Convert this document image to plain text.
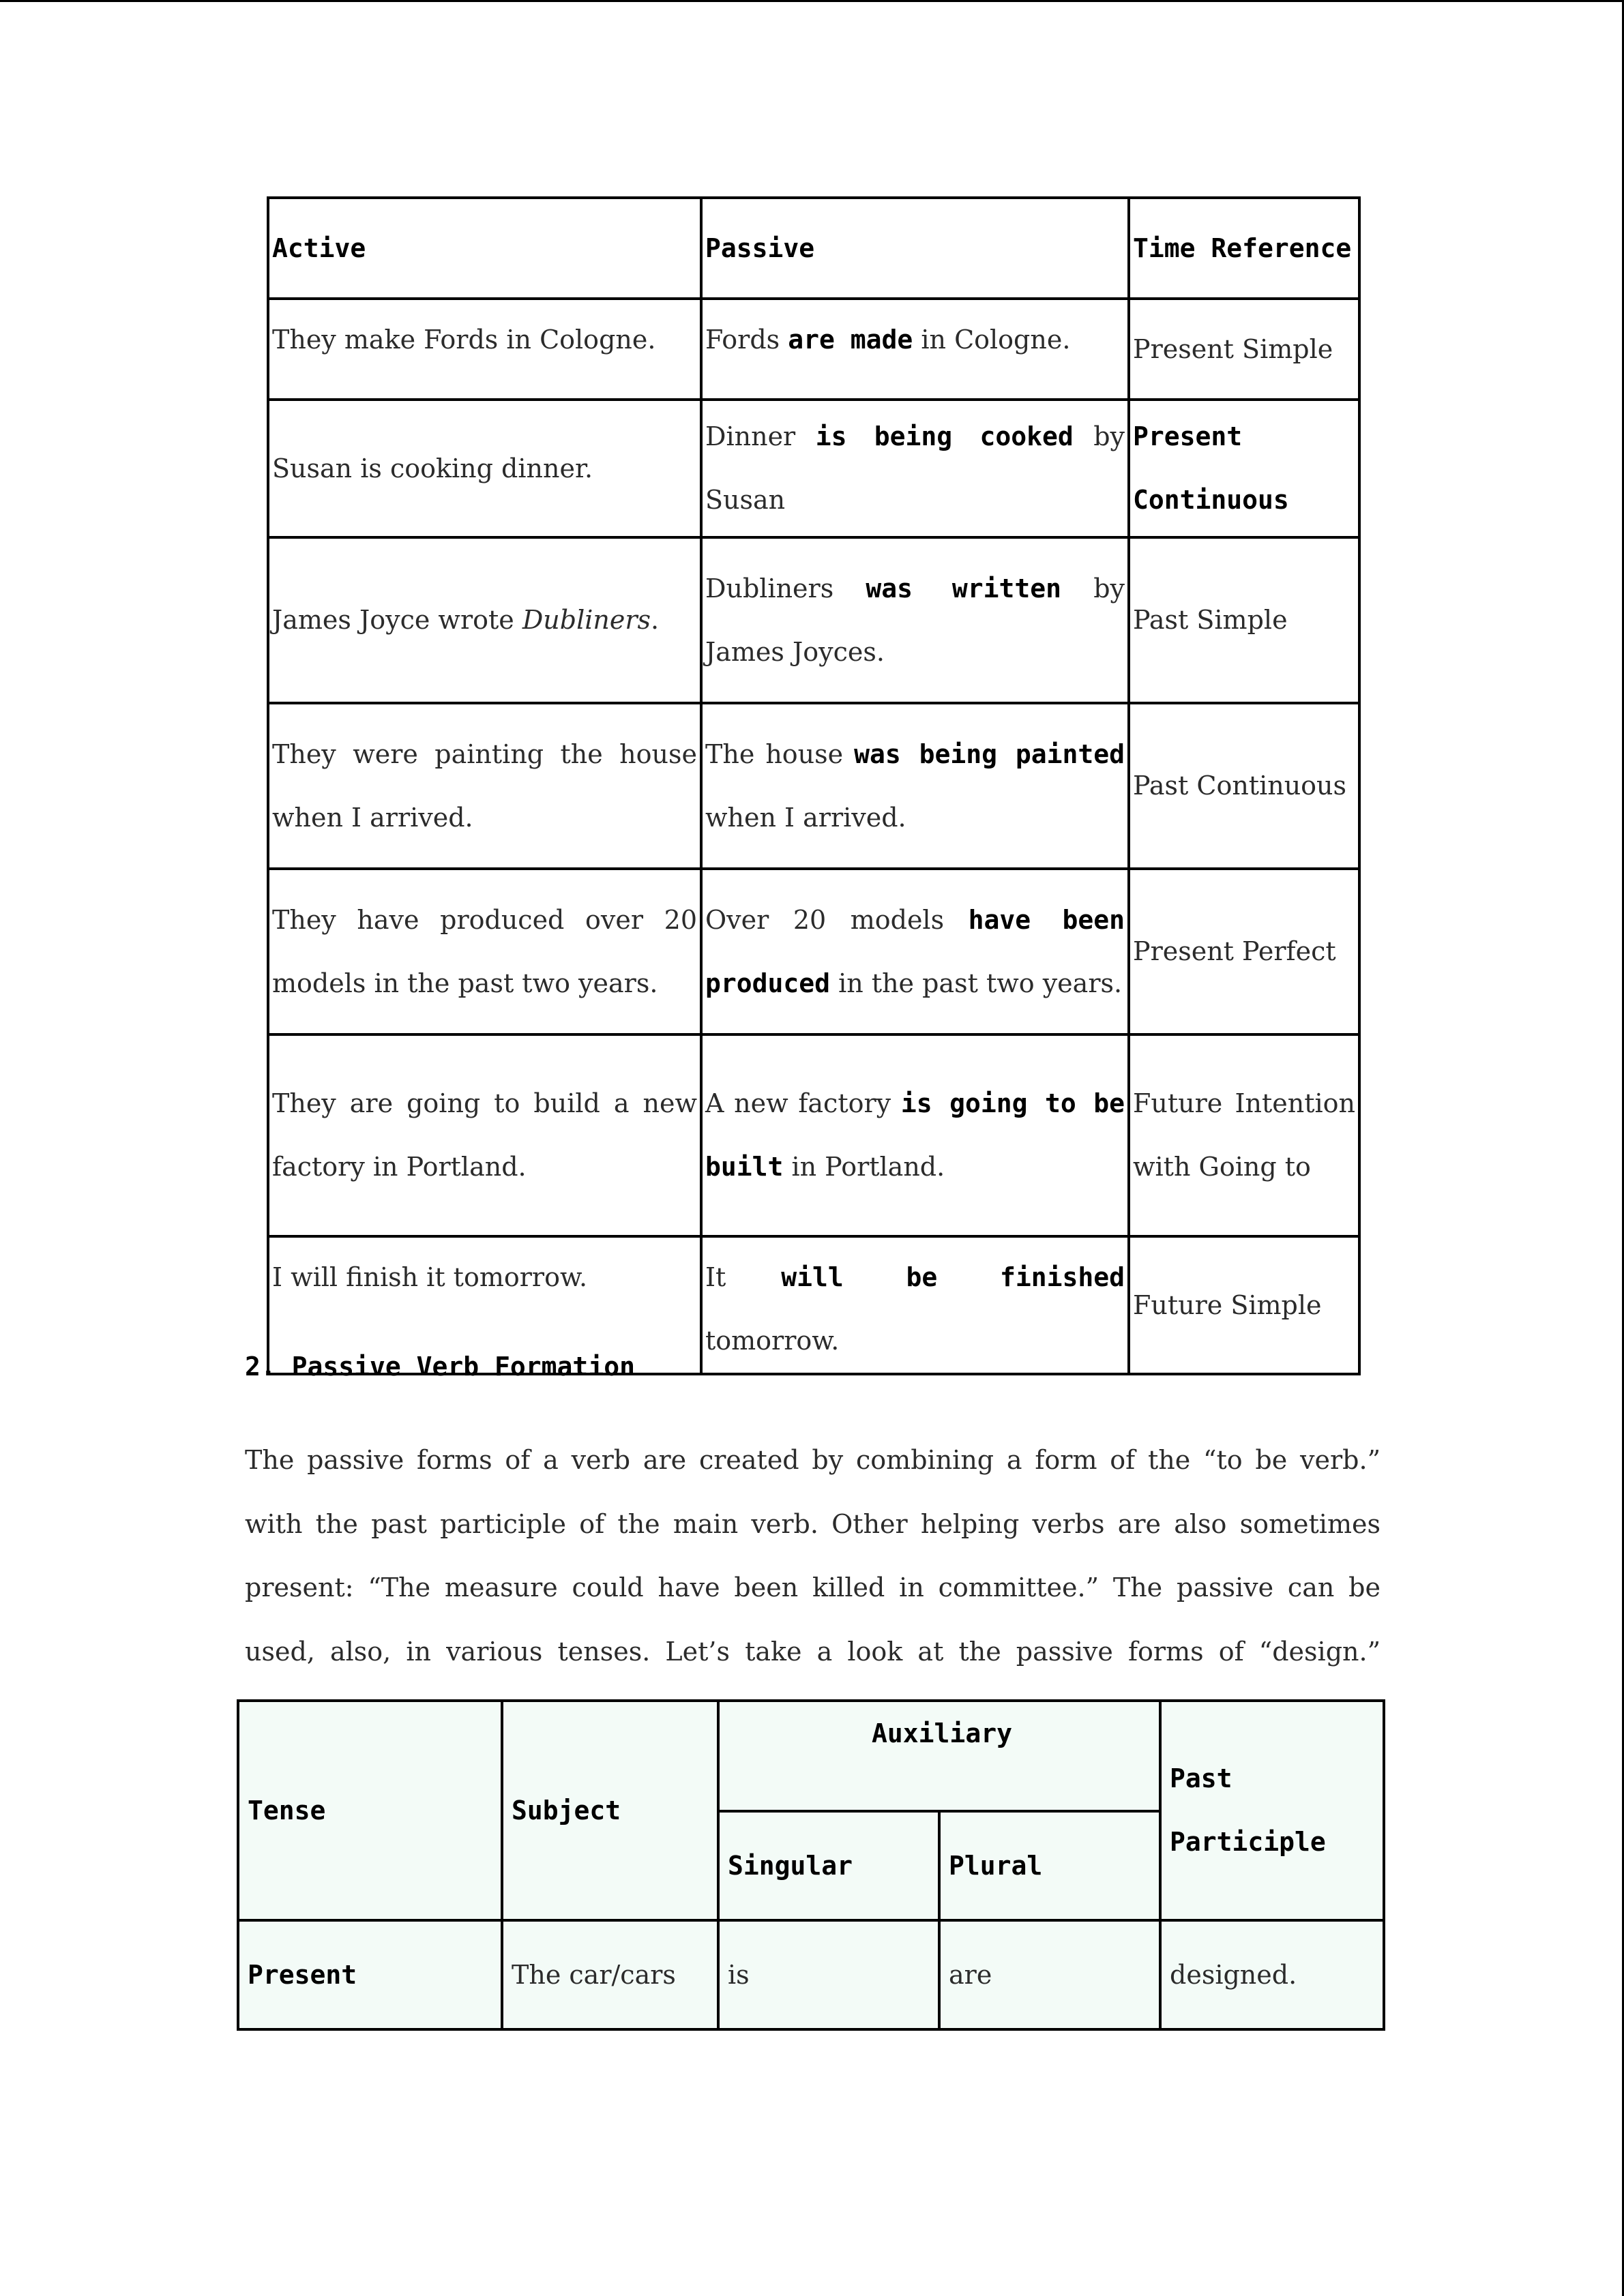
Active	Passive	Time Reference
They make Fords in Cologne.	Fords are made in Cologne.	Present Simple
Susan is cooking dinner.	Dinner is being cooked by Susan	Present Continuous
James Joyce wrote Dubliners.	Dubliners was written by James Joyces.	Past Simple
They were painting the house when I arrived.	The house was being painted when I arrived.	Past Continuous
They have produced over 20 models in the past two years.	Over 20 models have been produced in the past two years.	Present Perfect
They are going to build a new factory in Portland.	A new factory is going to be built in Portland.	Future Intention with Going to
I will finish it tomorrow.	It will be finished tomorrow.	Future Simple
2. Passive Verb Formation

The passive forms of a verb are created by combining a form of the “to be verb.”
with the past participle of the main verb. Other helping verbs are also sometimes
present: “The measure could have been killed in committee.” The passive can be
used, also, in various tenses. Let’s take a look at the passive forms of “design.”

Tense	Subject	Auxiliary		Past Participle
		Singular	Plural	
Present	The car/cars	is	are	designed.
